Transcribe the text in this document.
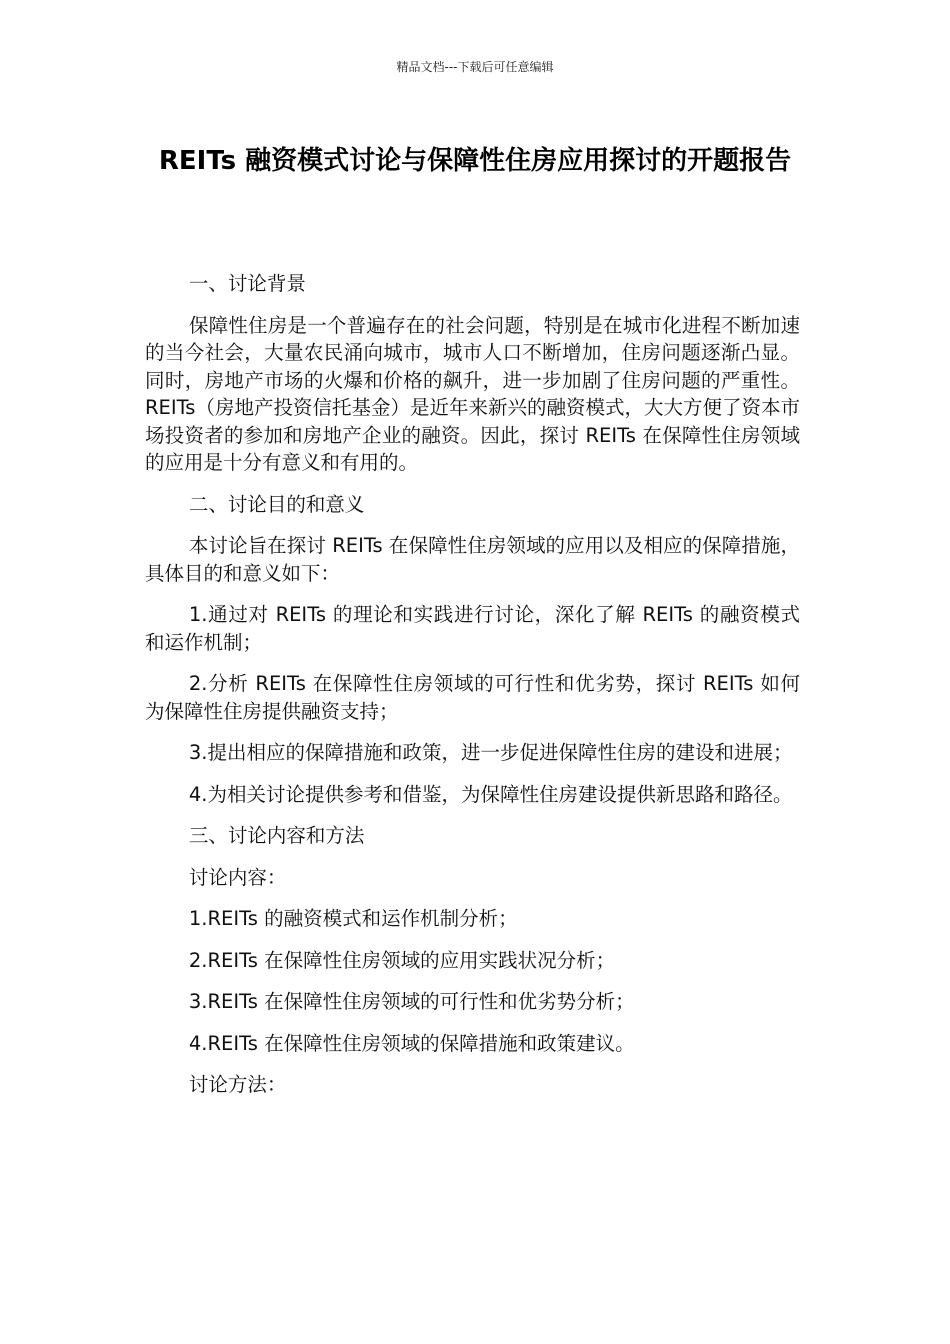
精品文档---下载后可任意编辑
REITs 融资模式讨论与保障性住房应用探讨的开题报告

一、讨论背景

保障性住房是一个普遍存在的社会问题，特别是在城市化进程不断加速的当今社会，大量农民涌向城市，城市人口不断增加，住房问题逐渐凸显。同时，房地产市场的火爆和价格的飙升，进一步加剧了住房问题的严重性。REITs（房地产投资信托基金）是近年来新兴的融资模式，大大方便了资本市场投资者的参加和房地产企业的融资。因此，探讨 REITs 在保障性住房领域的应用是十分有意义和有用的。

二、讨论目的和意义

本讨论旨在探讨 REITs 在保障性住房领域的应用以及相应的保障措施，具体目的和意义如下：

1.通过对 REITs 的理论和实践进行讨论，深化了解 REITs 的融资模式和运作机制；

2.分析 REITs 在保障性住房领域的可行性和优劣势，探讨 REITs 如何为保障性住房提供融资支持；

3.提出相应的保障措施和政策，进一步促进保障性住房的建设和进展；

4.为相关讨论提供参考和借鉴，为保障性住房建设提供新思路和路径。

三、讨论内容和方法

讨论内容：

1.REITs 的融资模式和运作机制分析；

2.REITs 在保障性住房领域的应用实践状况分析；

3.REITs 在保障性住房领域的可行性和优劣势分析；

4.REITs 在保障性住房领域的保障措施和政策建议。

讨论方法：
